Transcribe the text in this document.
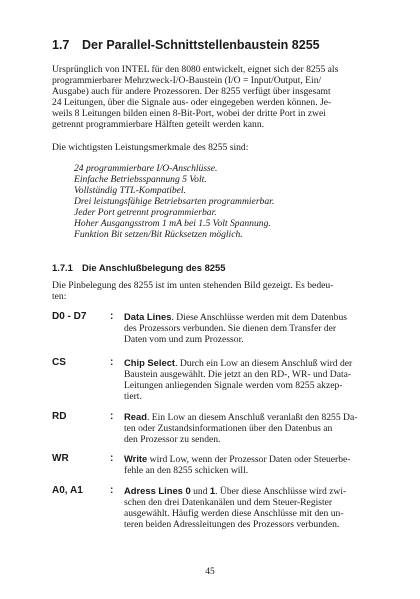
1.7 Der Parallel-Schnittstellenbaustein 8255
Ursprünglich von INTEL für den 8080 entwickelt, eignet sich der 8255 als
programmierbarer Mehrzweck-I/O-Baustein (I/O = Input/Output, Ein/
Ausgabe) auch für andere Prozessoren. Der 8255 verfügt über insgesamt
24 Leitungen, über die Signale aus- oder eingegeben werden können. Je-
weils 8 Leitungen bilden einen 8-Bit-Port, wobei der dritte Port in zwei
getrennt programmierbare Hälften geteilt werden kann.
Die wichtigsten Leistungsmerkmale des 8255 sind:
24 programmierbare I/O-Anschlüsse.
Einfache Betriebsspannung 5 Volt.
Vollständig TTL-Kompatibel.
Drei leistungsfähige Betriebsarten programmierbar.
Jeder Port getrennt programmierbar.
Hoher Ausgangsstrom 1 mA bei 1.5 Volt Spannung.
Funktion Bit setzen/Bit Rücksetzen möglich.
1.7.1 Die Anschlußbelegung des 8255
Die Pinbelegung des 8255 ist im unten stehenden Bild gezeigt. Es bedeu-
ten:
D0 - D7	: Data Lines. Diese Anschlüsse werden mit dem Datenbus
des Prozessors verbunden. Sie dienen dem Transfer der
Daten vom und zum Prozessor.
CS	: Chip Select. Durch ein Low an diesem Anschluß wird der
Baustein ausgewählt. Die jetzt an den RD-, WR- und Data-
Leitungen anliegenden Signale werden vom 8255 akzep-
tiert.
RD	: Read. Ein Low an diesem Anschluß veranlaßt den 8255 Da-
ten oder Zustandsinformationen über den Datenbus an
den Prozessor zu senden.
WR	: Write wird Low, wenn der Prozessor Daten oder Steuerbe-
fehle an den 8255 schicken will.
A0, A1	: Adress Lines 0 und 1. Über diese Anschlüsse wird zwi-
schen den drei Datenkanälen und dem Steuer-Register
ausgewählt. Häufig werden diese Anschlüsse mit den un-
teren beiden Adressleitungen des Prozessors verbunden.
45
